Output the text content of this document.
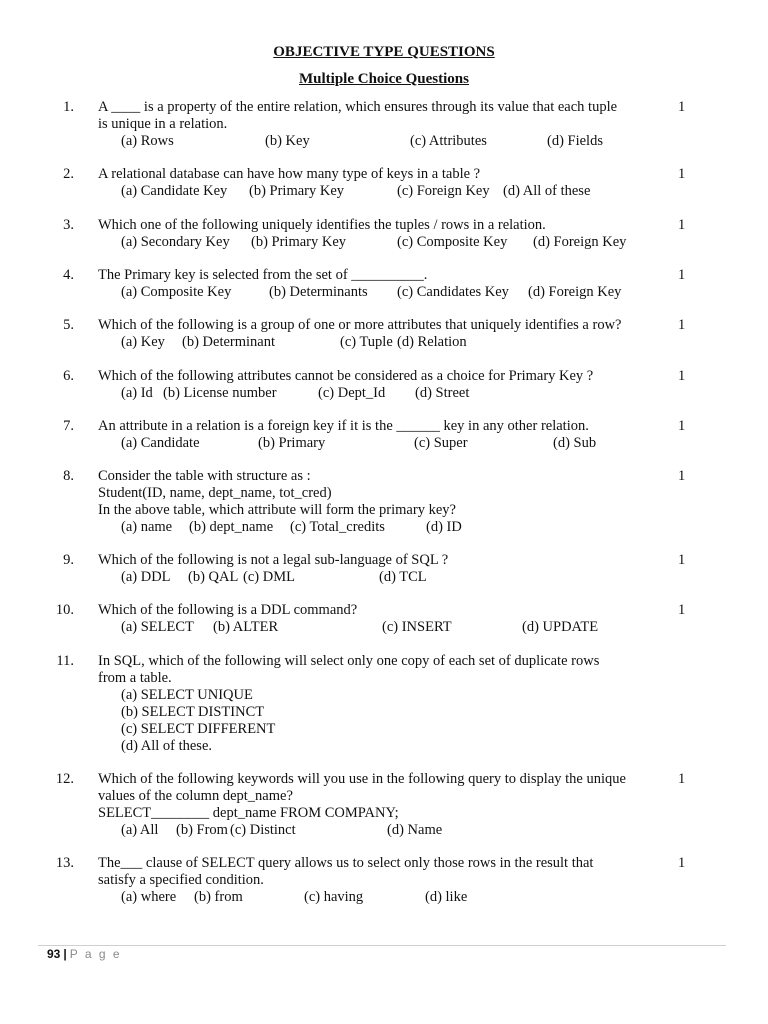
OBJECTIVE TYPE QUESTIONS
Multiple Choice Questions
1.	1
A ____ is a property of the entire relation, which ensures through its value that each tuple
is unique in a relation.
(a) Rows	(b) Key	(c) Attributes	(d) Fields
2.	1
A relational database can have how many type of keys in a table ?
(a) Candidate Key (b) Primary Key	(c) Foreign Key (d) All of these
3.	1
Which one of the following uniquely identifies the tuples / rows in a relation.
(a) Secondary Key (b) Primary Key	(c) Composite Key (d) Foreign Key
4.	1
The Primary key is selected from the set of __________.
(a) Composite Key	(b) Determinants (c) Candidates Key (d) Foreign Key
5.	1
Which of the following is a group of one or more attributes that uniquely identifies a row?
(a) Key (b) Determinant	(c) Tuple (d) Relation
6.	1
Which of the following attributes cannot be considered as a choice for Primary Key ?
(a) Id (b) License number	(c) Dept_Id (d) Street
7.	1
An attribute in a relation is a foreign key if it is the ______ key in any other relation.
(a) Candidate	(b) Primary	(c) Super	(d) Sub
8.	1
Consider the table with structure as :
Student(ID, name, dept_name, tot_cred)
In the above table, which attribute will form the primary key?
(a) name (b) dept_name (c) Total_credits	(d) ID
9.	1
Which of the following is not a legal sub-language of SQL ?
(a) DDL (b) QAL (c) DML	(d) TCL
10.	1
Which of the following is a DDL command?
(a) SELECT (b) ALTER	(c) INSERT	(d) UPDATE
11. In SQL, which of the following will select only one copy of each set of duplicate rows
from a table.
(a) SELECT UNIQUE
(b) SELECT DISTINCT
(c) SELECT DIFFERENT
(d) All of these.
12.	1
Which of the following keywords will you use in the following query to display the unique
values of the column dept_name?
SELECT________ dept_name FROM COMPANY;
(a) All (b) From (c) Distinct	(d) Name
13.	1
The___ clause of SELECT query allows us to select only those rows in the result that
satisfy a specified condition.
(a) where (b) from	(c) having	(d) like
93 | P a g e
